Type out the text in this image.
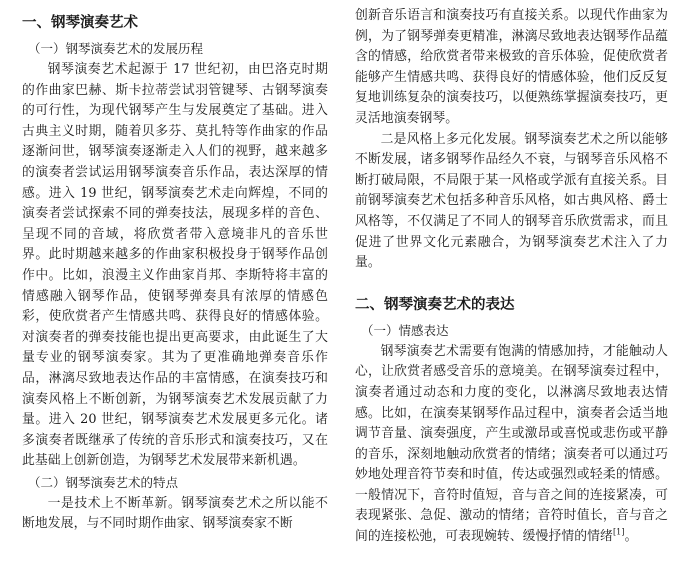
一、钢琴演奏艺术
（一）钢琴演奏艺术的发展历程

钢琴演奏艺术起源于 17 世纪初，由巴洛克时期的作曲家巴赫、斯卡拉蒂尝试羽管键琴、古钢琴演奏的可行性，为现代钢琴产生与发展奠定了基础。进入古典主义时期，随着贝多芬、莫扎特等作曲家的作品逐渐问世，钢琴演奏逐渐走入人们的视野，越来越多的演奏者尝试运用钢琴演奏音乐作品，表达深厚的情感。进入 19 世纪，钢琴演奏艺术走向辉煌，不同的演奏者尝试探索不同的弹奏技法，展现多样的音色、呈现不同的音域，将欣赏者带入意境非凡的音乐世界。此时期越来越多的作曲家积极投身于钢琴作品创作中。比如，浪漫主义作曲家肖邦、李斯特将丰富的情感融入钢琴作品，使钢琴弹奏具有浓厚的情感色彩，使欣赏者产生情感共鸣、获得良好的情感体验。对演奏者的弹奏技能也提出更高要求，由此诞生了大量专业的钢琴演奏家。其为了更准确地弹奏音乐作品，淋漓尽致地表达作品的丰富情感，在演奏技巧和演奏风格上不断创新，为钢琴演奏艺术发展贡献了力量。进入 20 世纪，钢琴演奏艺术发展更多元化。诸多演奏者既继承了传统的音乐形式和演奏技巧，又在此基础上创新创造，为钢琴艺术发展带来新机遇。

（二）钢琴演奏艺术的特点

一是技术上不断革新。钢琴演奏艺术之所以能不断地发展，与不同时期作曲家、钢琴演奏家不断

创新音乐语言和演奏技巧有直接关系。以现代作曲家为例，为了钢琴弹奏更精准，淋漓尽致地表达钢琴作品蕴含的情感，给欣赏者带来极致的音乐体验，促使欣赏者能够产生情感共鸣、获得良好的情感体验，他们反反复复地训练复杂的演奏技巧，以便熟练掌握演奏技巧，更灵活地演奏钢琴。

二是风格上多元化发展。钢琴演奏艺术之所以能够不断发展，诸多钢琴作品经久不衰，与钢琴音乐风格不断打破局限，不局限于某一风格或学派有直接关系。目前钢琴演奏艺术包括多种音乐风格，如古典风格、爵士风格等，不仅满足了不同人的钢琴音乐欣赏需求，而且促进了世界文化元素融合，为钢琴演奏艺术注入了力量。

二、钢琴演奏艺术的表达
（一）情感表达

钢琴演奏艺术需要有饱满的情感加持，才能触动人心，让欣赏者感受音乐的意境美。在钢琴演奏过程中，演奏者通过动态和力度的变化，以淋漓尽致地表达情感。比如，在演奏某钢琴作品过程中，演奏者会适当地调节音量、演奏强度，产生或激昂或喜悦或悲伤或平静的音乐，深刻地触动欣赏者的情绪；演奏者可以通过巧妙地处理音符节奏和时值，传达或强烈或轻柔的情感。一般情况下，音符时值短，音与音之间的连接紧凑，可表现紧张、急促、激动的情绪；音符时值长，音与音之间的连接松弛，可表现婉转、缓慢抒情的情绪[1]。
